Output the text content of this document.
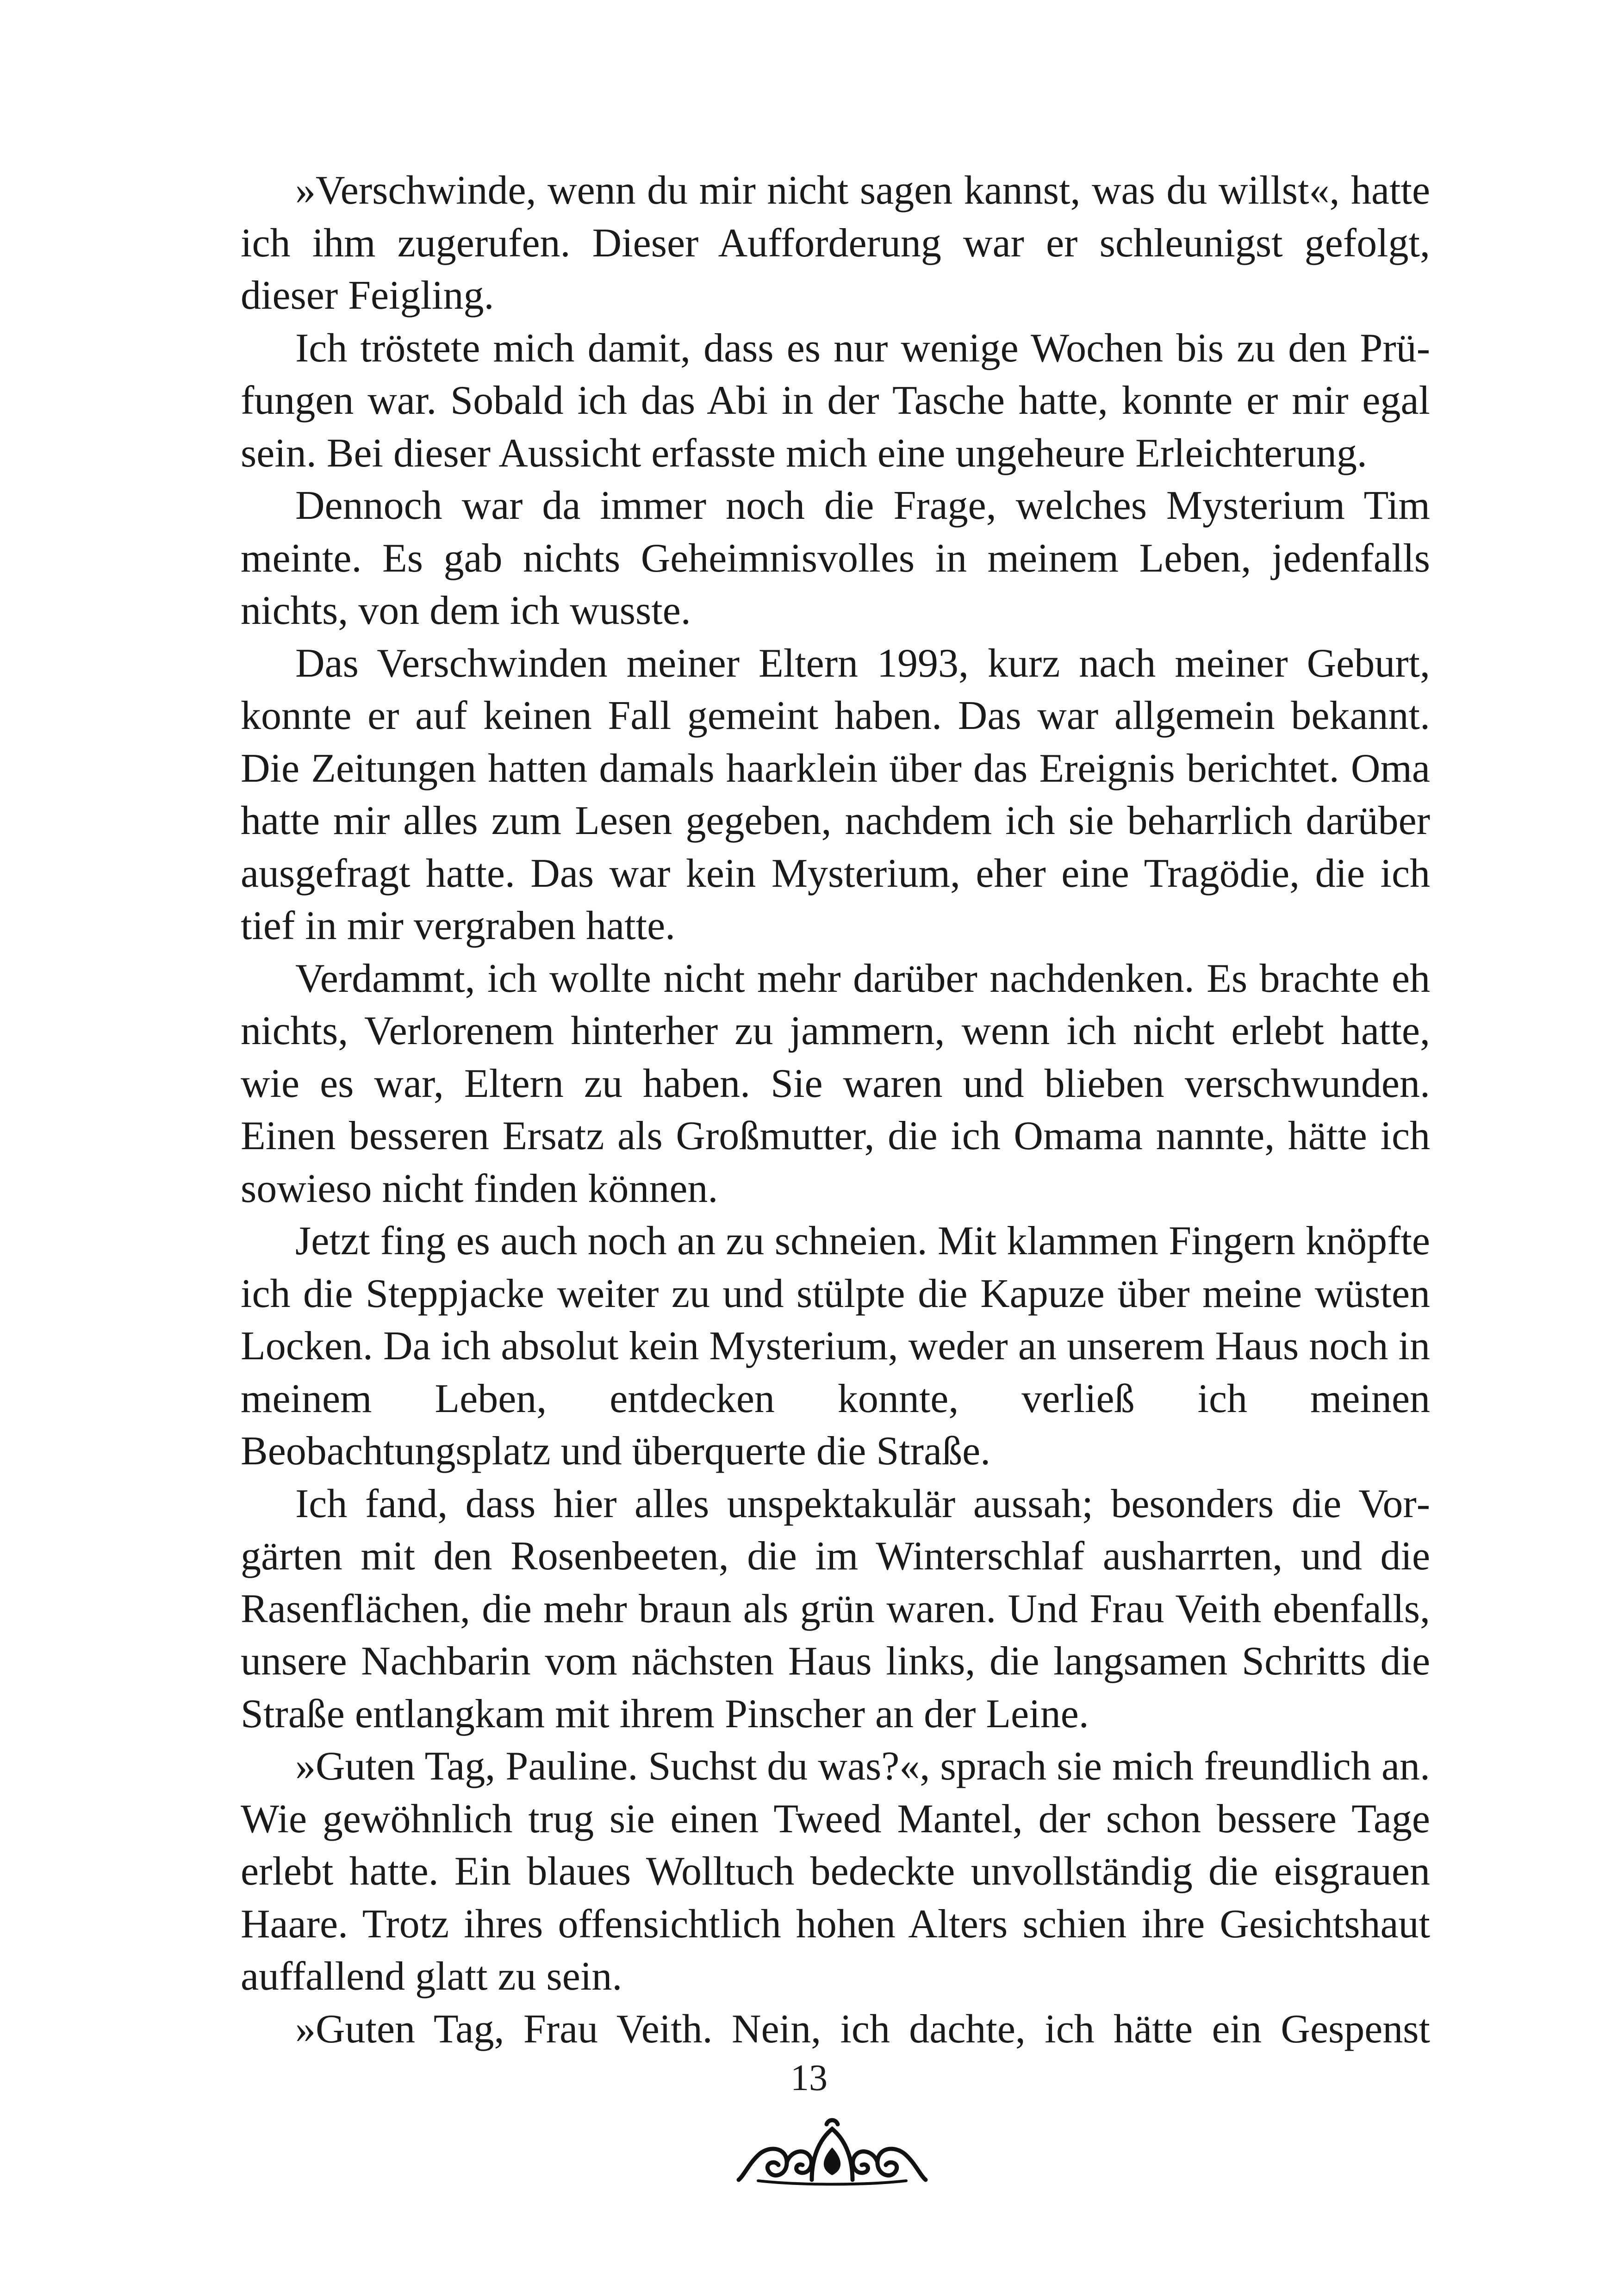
»Verschwinde, wenn du mir nicht sagen kannst, was du willst«, hatte ich ihm zugerufen. Dieser Aufforderung war er schleunigst gefolgt, dieser Feigling.

Ich tröstete mich damit, dass es nur wenige Wochen bis zu den Prüfungen war. Sobald ich das Abi in der Tasche hatte, konnte er mir egal sein. Bei dieser Aussicht erfasste mich eine ungeheure Erleichterung.

Dennoch war da immer noch die Frage, welches Mysterium Tim meinte. Es gab nichts Geheimnisvolles in meinem Leben, jedenfalls nichts, von dem ich wusste.

Das Verschwinden meiner Eltern 1993, kurz nach meiner Geburt, konnte er auf keinen Fall gemeint haben. Das war allgemein bekannt. Die Zeitungen hatten damals haarklein über das Ereignis berichtet. Oma hatte mir alles zum Lesen gegeben, nachdem ich sie beharrlich darüber ausgefragt hatte. Das war kein Mysterium, eher eine Tragödie, die ich tief in mir vergraben hatte.

Verdammt, ich wollte nicht mehr darüber nachdenken. Es brachte eh nichts, Verlorenem hinterher zu jammern, wenn ich nicht erlebt hatte, wie es war, Eltern zu haben. Sie waren und blieben verschwunden. Einen besseren Ersatz als Großmutter, die ich Omama nannte, hätte ich sowieso nicht finden können.

Jetzt fing es auch noch an zu schneien. Mit klammen Fingern knöpfte ich die Steppjacke weiter zu und stülpte die Kapuze über meine wüsten Locken. Da ich absolut kein Mysterium, weder an unserem Haus noch in meinem Leben, entdecken konnte, verließ ich meinen Beobachtungsplatz und überquerte die Straße.

Ich fand, dass hier alles unspektakulär aussah; besonders die Vorgärten mit den Rosenbeeten, die im Winterschlaf ausharrten, und die Rasenflächen, die mehr braun als grün waren. Und Frau Veith ebenfalls, unsere Nachbarin vom nächsten Haus links, die langsamen Schritts die Straße entlangkam mit ihrem Pinscher an der Leine.

»Guten Tag, Pauline. Suchst du was?«, sprach sie mich freundlich an. Wie gewöhnlich trug sie einen Tweed Mantel, der schon bessere Tage erlebt hatte. Ein blaues Wolltuch bedeckte unvollständig die eisgrauen Haare. Trotz ihres offensichtlich hohen Alters schien ihre Gesichtshaut auffallend glatt zu sein.

»Guten Tag, Frau Veith. Nein, ich dachte, ich hätte ein Gespenst

13
